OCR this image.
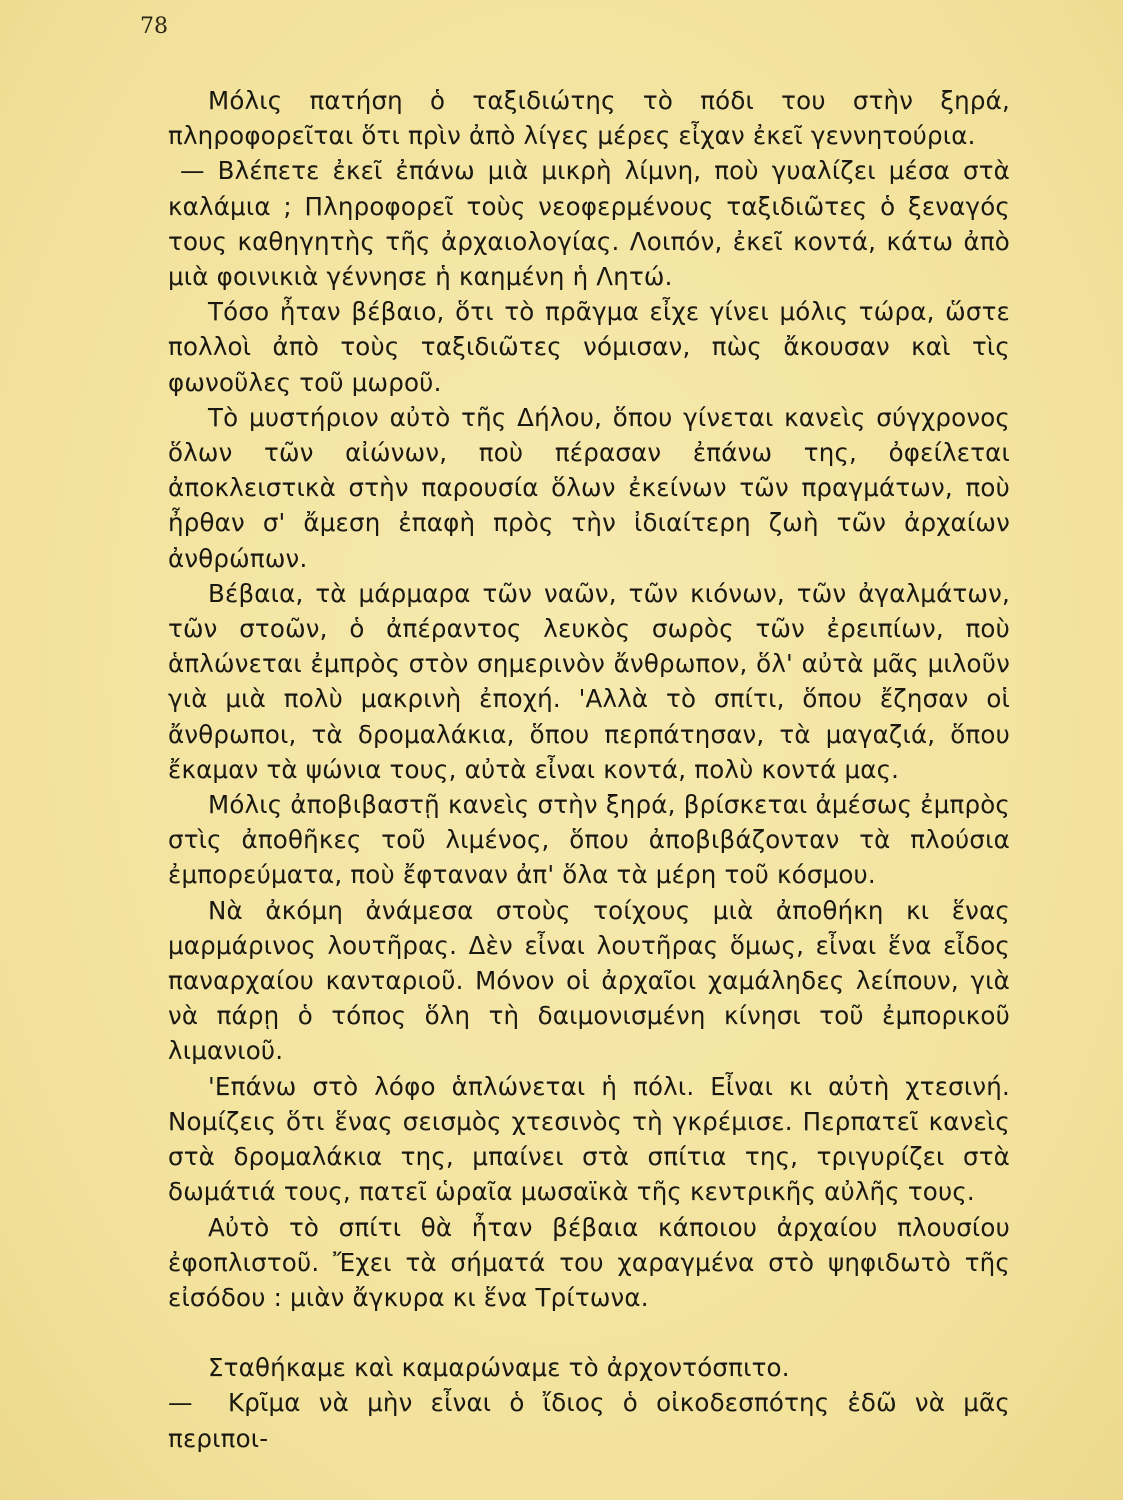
78

Μόλις πατήση ὁ ταξιδιώτης τὸ πόδι του στὴν ξηρά, πληροφορεῖται ὅτι πρὶν ἀπὸ λίγες μέρες εἶχαν ἐκεῖ γεννητούρια.

— Βλέπετε ἐκεῖ ἐπάνω μιὰ μικρὴ λίμνη, ποὺ γυαλίζει μέσα στὰ καλάμια ; Πληροφορεῖ τοὺς νεοφερμένους ταξιδιῶτες ὁ ξεναγός τους καθηγητὴς τῆς ἀρχαιολογίας. Λοιπόν, ἐκεῖ κοντά, κάτω ἀπὸ μιὰ φοινικιὰ γέννησε ἡ καημένη ἡ Λητώ.

Τόσο ἦταν βέβαιο, ὅτι τὸ πρᾶγμα εἶχε γίνει μόλις τώρα, ὥστε πολλοὶ ἀπὸ τοὺς ταξιδιῶτες νόμισαν, πὼς ἄκουσαν καὶ τὶς φωνοῦλες τοῦ μωροῦ.

Τὸ μυστήριον αὐτὸ τῆς Δήλου, ὅπου γίνεται κανεὶς σύγχρονος ὅλων τῶν αἰώνων, ποὺ πέρασαν ἐπάνω της, ὀφείλεται ἀποκλειστικὰ στὴν παρουσία ὅλων ἐκείνων τῶν πραγμάτων, ποὺ ἦρθαν σ' ἄμεση ἐπαφὴ πρὸς τὴν ἰδιαίτερη ζωὴ τῶν ἀρχαίων ἀνθρώπων.

Βέβαια, τὰ μάρμαρα τῶν ναῶν, τῶν κιόνων, τῶν ἀγαλμάτων, τῶν στοῶν, ὁ ἀπέραντος λευκὸς σωρὸς τῶν ἐρειπίων, ποὺ ἁπλώνεται ἐμπρὸς στὸν σημερινὸν ἄνθρωπον, ὅλ' αὐτὰ μᾶς μιλοῦν γιὰ μιὰ πολὺ μακρινὴ ἐποχή. 'Αλλὰ τὸ σπίτι, ὅπου ἔζησαν οἱ ἄνθρωποι, τὰ δρομαλάκια, ὅπου περπάτησαν, τὰ μαγαζιά, ὅπου ἔκαμαν τὰ ψώνια τους, αὐτὰ εἶναι κοντά, πολὺ κοντά μας.

Μόλις ἀποβιβαστῇ κανεὶς στὴν ξηρά, βρίσκεται ἀμέσως ἐμπρὸς στὶς ἀποθῆκες τοῦ λιμένος, ὅπου ἀποβιβάζονταν τὰ πλούσια ἐμπορεύματα, ποὺ ἔφταναν ἀπ' ὅλα τὰ μέρη τοῦ κόσμου.

Νὰ ἀκόμη ἀνάμεσα στοὺς τοίχους μιὰ ἀποθήκη κι ἕνας μαρμάρινος λουτῆρας. Δὲν εἶναι λουτῆρας ὅμως, εἶναι ἕνα εἶδος παναρχαίου κανταριοῦ. Μόνον οἱ ἀρχαῖοι χαμάληδες λείπουν, γιὰ νὰ πάρῃ ὁ τόπος ὅλη τὴ δαιμονισμένη κίνησι τοῦ ἐμπορικοῦ λιμανιοῦ.

'Επάνω στὸ λόφο ἁπλώνεται ἡ πόλι. Εἶναι κι αὐτὴ χτεσινή. Νομίζεις ὅτι ἕνας σεισμὸς χτεσινὸς τὴ γκρέμισε. Περπατεῖ κανεὶς στὰ δρομαλάκια της, μπαίνει στὰ σπίτια της, τριγυρίζει στὰ δωμάτιά τους, πατεῖ ὡραῖα μωσαϊκὰ τῆς κεντρικῆς αὐλῆς τους.

Αὐτὸ τὸ σπίτι θὰ ἦταν βέβαια κάποιου ἀρχαίου πλουσίου ἐφοπλιστοῦ. Ἔχει τὰ σήματά του χαραγμένα στὸ ψηφιδωτὸ τῆς εἰσόδου : μιὰν ἄγκυρα κι ἕνα Τρίτωνα.

Σταθήκαμε καὶ καμαρώναμε τὸ ἀρχοντόσπιτο.

— Κρῖμα νὰ μὴν εἶναι ὁ ἴδιος ὁ οἰκοδεσπότης ἐδῶ νὰ μᾶς περιποι-
